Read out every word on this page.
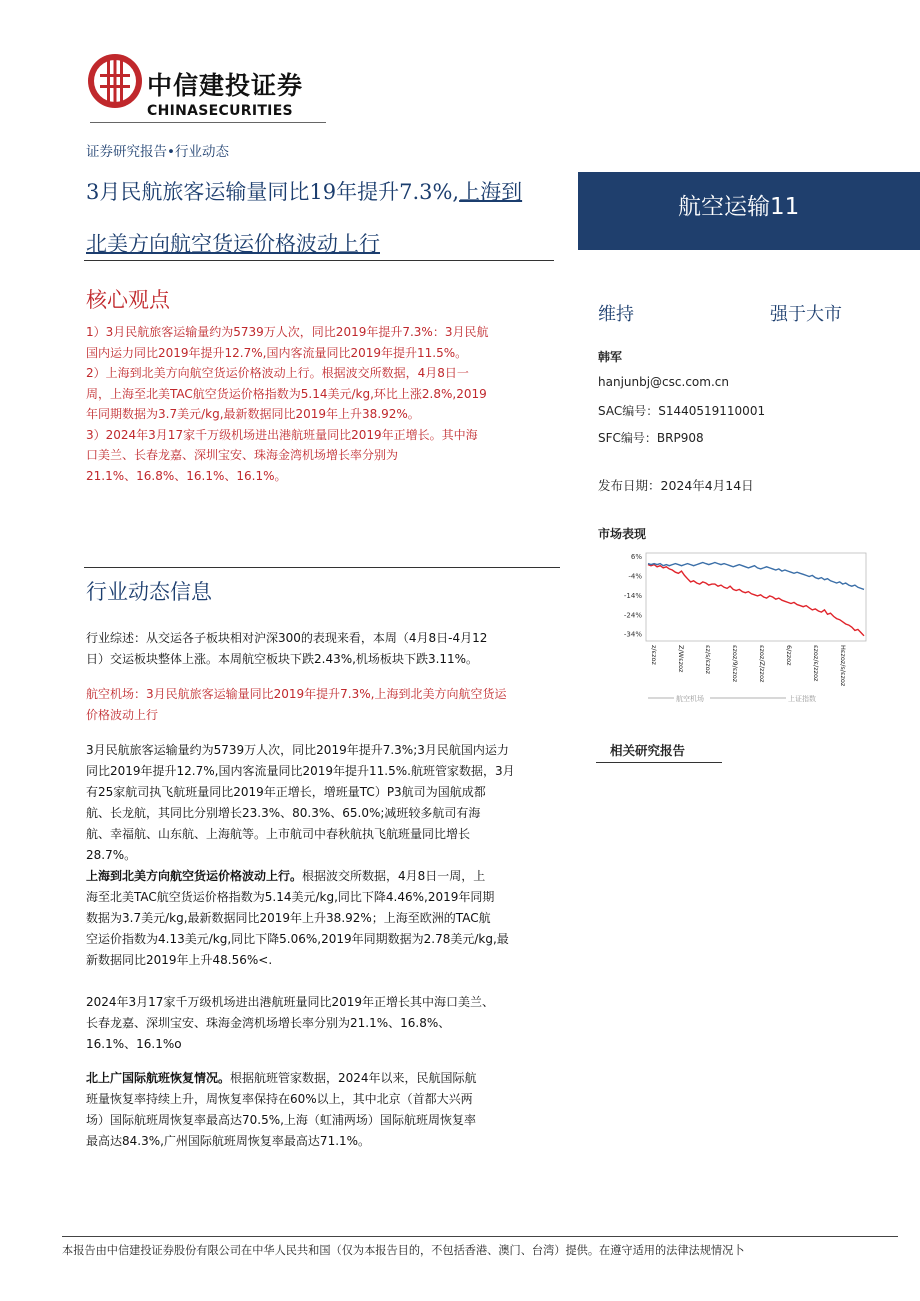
中信建投证券
CHINASECURITIES
证券研究报告•行业动态
3月民航旅客运输量同比19年提升7.3%,上海到
北美方向航空货运价格波动上行
核心观点

1）3月民航旅客运输量约为5739万人次，同比2019年提升7.3%：3月民航

国内运力同比2019年提升12.7%,国内客流量同比2019年提升11.5%。

2）上海到北美方向航空货运价格波动上行。根据波交所数据，4月8日一

周，上海至北美TAC航空货运价格指数为5.14美元/kg,环比上涨2.8%,2019

年同期数据为3.7美元/kg,最新数据同比2019年上升38.92%。

3）2024年3月17家千万级机场进出港航班量同比2019年正增长。其中海

口美兰、长春龙嘉、深圳宝安、珠海金湾机场增长率分别为

21.1%、16.8%、16.1%、16.1%。

行业动态信息

行业综述：从交运各子板块相对沪深300的表现来看，本周（4月8日-4月12

日）交运板块整体上涨。本周航空板块下跌2.43%,机场板块下跌3.11%。

航空机场：3月民航旅客运输量同比2019年提升7.3%,上海到北美方向航空货运

价格波动上行

3月民航旅客运输量约为5739万人次，同比2019年提升7.3%;3月民航国内运力

同比2019年提升12.7%,国内客流量同比2019年提升11.5%.航班管家数据，3月

有25家航司执飞航班量同比2019年正增长，增班量TC）P3航司为国航成都

航、长龙航，其同比分别增长23.3%、80.3%、65.0%;减班较多航司有海

航、幸福航、山东航、上海航等。上市航司中春秋航执飞航班量同比增长

28.7%。

上海到北美方向航空货运价格波动上行。根据波交所数据，4月8日一周，上

海至北美TAC航空货运价格指数为5.14美元/kg,同比下降4.46%,2019年同期

数据为3.7美元/kg,最新数据同比2019年上升38.92%；上海至欧洲的TAC航

空运价指数为4.13美元/kg,同比下降5.06%,2019年同期数据为2.78美元/kg,最

新数据同比2019年上升48.56%<.

2024年3月17家千万级机场进出港航班量同比2019年正增长其中海口美兰、

长春龙嘉、深圳宝安、珠海金湾机场增长率分别为21.1%、16.8%、

16.1%、16.1%o

北上广国际航班恢复情况。根据航班管家数据，2024年以来，民航国际航

班量恢复率持续上升，周恢复率保持在60%以上，其中北京（首都大兴两

场）国际航班周恢复率最高达70.5%,上海（虹浦两场）国际航班周恢复率

最高达84.3%,广州国际航班周恢复率最高达71.1%。

航空运输11
维持	强于大市
韩军
hanjunbj@csc.com.cn
SAC编号：S1440519110001
SFC编号：BRP908
发布日期：2024年4月14日
市场表现
6%
-4%
-14%
-24%
-34%
z/εzoz	Z/Wεzoz	εz/s/εzoz	εzoz/9/εzoz	εzoz/Z/zzoz	6/zzoz	εzoz/ε/zzoz	Hεzoz/s/εzoz
航空机场	上证指数
相关研究报告
本报告由中信建投证券股份有限公司在中华人民共和国（仅为本报告目的，不包括香港、澳门、台湾）提供。在遵守适用的法律法规情况卜
